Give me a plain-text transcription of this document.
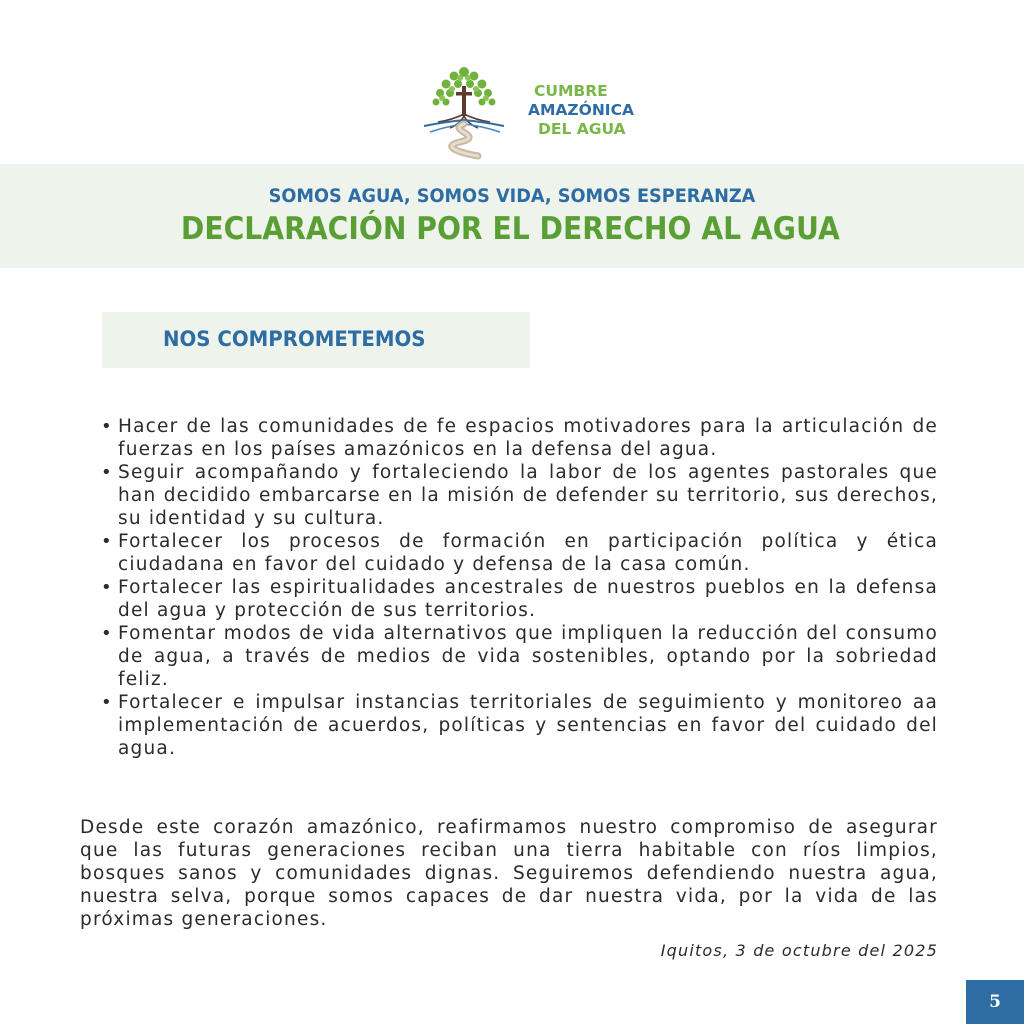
CUMBRE
AMAZÓNICA
DEL AGUA
SOMOS AGUA, SOMOS VIDA, SOMOS ESPERANZA
DECLARACIÓN POR EL DERECHO AL AGUA
NOS COMPROMETEMOS
• Hacer de las comunidades de fe espacios motivadores para la articulación de fuerzas en los países amazónicos en la defensa del agua.
• Seguir acompañando y fortaleciendo la labor de los agentes pastorales que han decidido embarcarse en la misión de defender su territorio, sus derechos, su identidad y su cultura.
• Fortalecer los procesos de formación en participación política y ética ciudadana en favor del cuidado y defensa de la casa común.
• Fortalecer las espiritualidades ancestrales de nuestros pueblos en la defensa del agua y protección de sus territorios.
• Fomentar modos de vida alternativos que impliquen la reducción del consumo de agua, a través de medios de vida sostenibles, optando por la sobriedad feliz.
• Fortalecer e impulsar instancias territoriales de seguimiento y monitoreo aa implementación de acuerdos, políticas y sentencias en favor del cuidado del agua.

Desde este corazón amazónico, reafirmamos nuestro compromiso de asegurar que las futuras generaciones reciban una tierra habitable con ríos limpios, bosques sanos y comunidades dignas. Seguiremos defendiendo nuestra agua, nuestra selva, porque somos capaces de dar nuestra vida, por la vida de las próximas generaciones.

Iquitos, 3 de octubre del 2025
5
